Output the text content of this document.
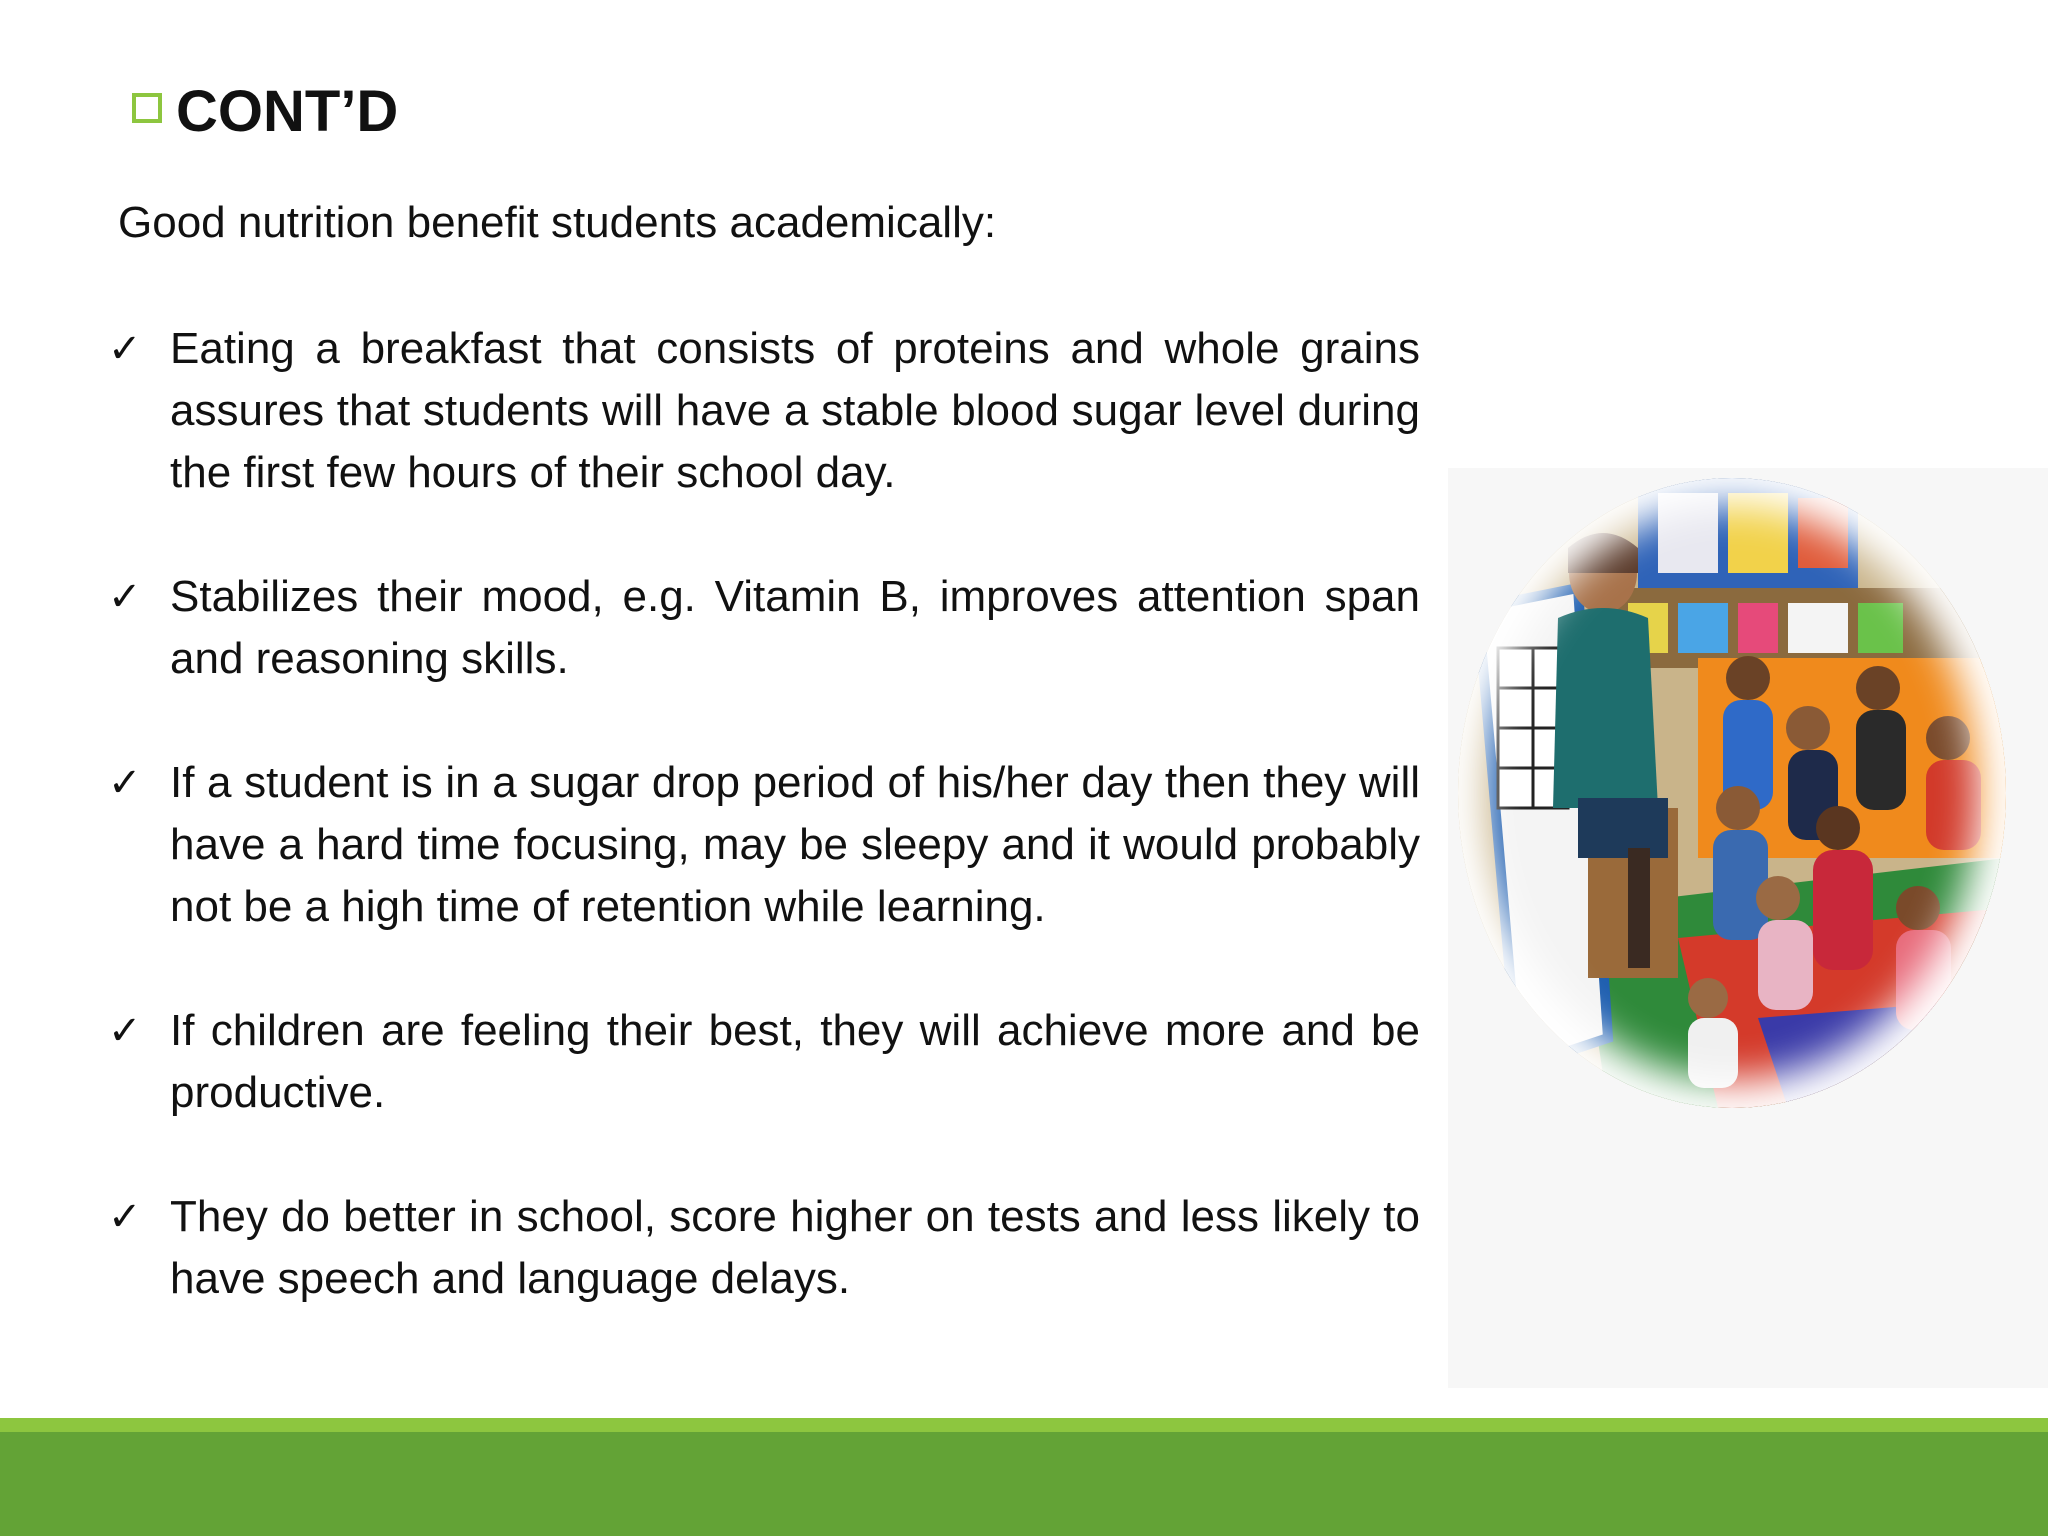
CONT’D
Good nutrition benefit students academically:
✓ Eating a breakfast that consists of proteins and whole grains assures that students will have a stable blood sugar level during the first few hours of their school day.
✓ Stabilizes their mood, e.g. Vitamin B, improves attention span and reasoning skills.
✓ If a student is in a sugar drop period of his/her day then they will have a hard time focusing, may be sleepy and it would probably not be a high time of retention while learning.
✓ If children are feeling their best, they will achieve more and be productive.
✓ They do better in school, score higher on tests and less likely to have speech and language delays.
